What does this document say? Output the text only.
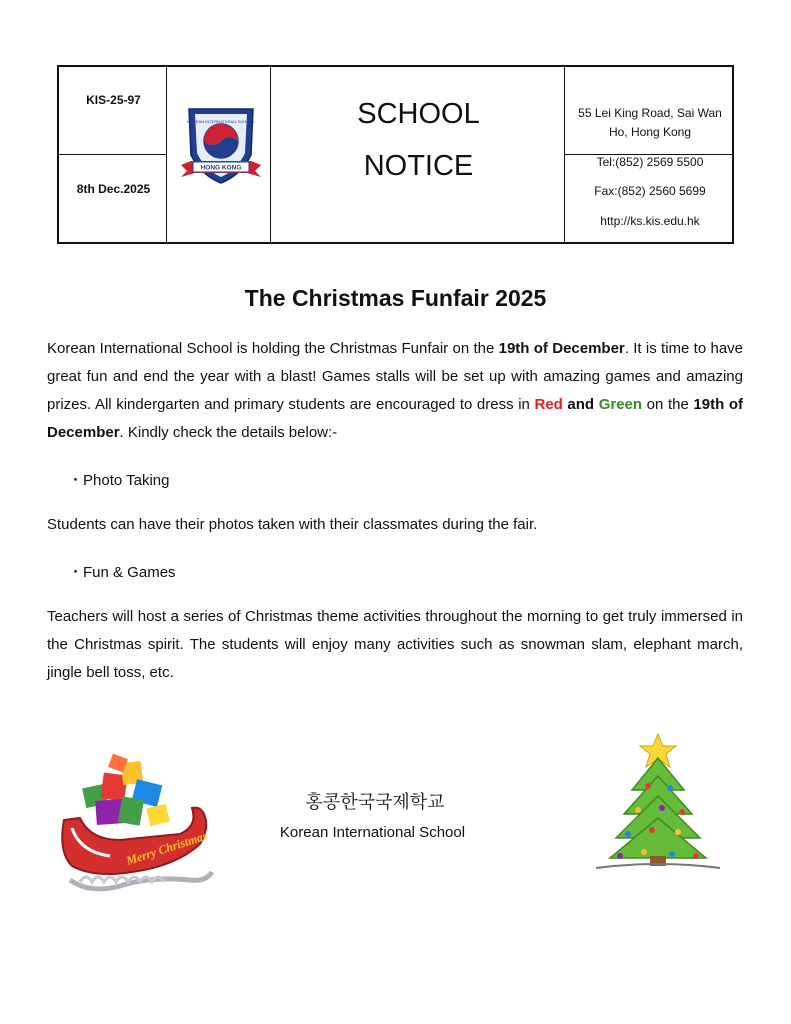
KIS-25-97
8th Dec.2025
KOREAN INTERNATIONAL SCHOOL
HONG KONG
SCHOOL
NOTICE
55 Lei King Road, Sai Wan Ho, Hong Kong
Tel:(852) 2569 5500
Fax:(852) 2560 5699
http://ks.kis.edu.hk
The Christmas Funfair 2025
Korean International School is holding the Christmas Funfair on the 19th of December. It is time to have great fun and end the year with a blast! Games stalls will be set up with amazing games and amazing prizes. All kindergarten and primary students are encouraged to dress in Red and Green on the 19th of December. Kindly check the details below:-
・Photo Taking
Students can have their photos taken with their classmates during the fair.
・Fun & Games
Teachers will host a series of Christmas theme activities throughout the morning to get truly immersed in the Christmas spirit. The students will enjoy many activities such as snowman slam, elephant march, jingle bell toss, etc.
Merry Christmas
홍콩한국국제학교
Korean International School
